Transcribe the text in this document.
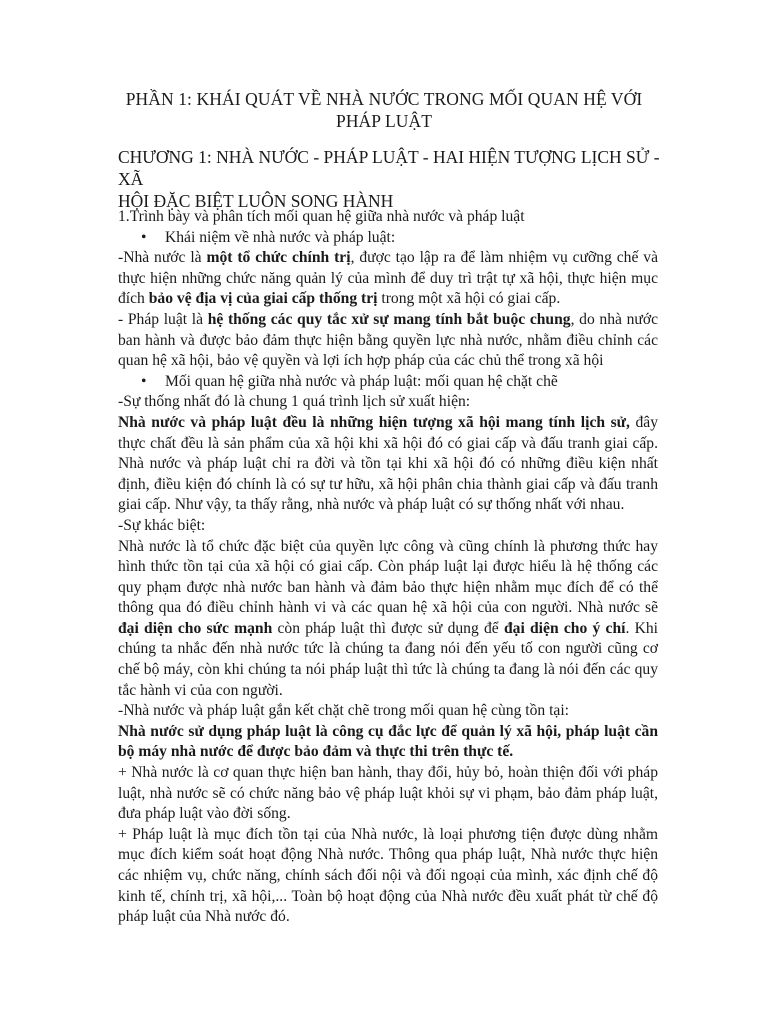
PHẦN 1: KHÁI QUÁT VỀ NHÀ NƯỚC TRONG MỐI QUAN HỆ VỚI
PHÁP LUẬT
CHƯƠNG 1: NHÀ NƯỚC - PHÁP LUẬT - HAI HIỆN TƯỢNG LỊCH SỬ - XÃ
HỘI ĐẶC BIỆT LUÔN SONG HÀNH

1.Trình bày và phân tích mối quan hệ giữa nhà nước và pháp luật

• Khái niệm về nhà nước và pháp luật:

-Nhà nước là một tổ chức chính trị, được tạo lập ra để làm nhiệm vụ cưỡng chế và thực hiện những chức năng quản lý của mình để duy trì trật tự xã hội, thực hiện mục đích bảo vệ địa vị của giai cấp thống trị trong một xã hội có giai cấp.

- Pháp luật là hệ thống các quy tắc xử sự mang tính bắt buộc chung, do nhà nước ban hành và được bảo đảm thực hiện bằng quyền lực nhà nước, nhằm điều chỉnh các quan hệ xã hội, bảo vệ quyền và lợi ích hợp pháp của các chủ thể trong xã hội

• Mối quan hệ giữa nhà nước và pháp luật: mối quan hệ chặt chẽ

-Sự thống nhất đó là chung 1 quá trình lịch sử xuất hiện:

Nhà nước và pháp luật đều là những hiện tượng xã hội mang tính lịch sử, đây thực chất đều là sản phẩm của xã hội khi xã hội đó có giai cấp và đấu tranh giai cấp. Nhà nước và pháp luật chỉ ra đời và tồn tại khi xã hội đó có những điều kiện nhất định, điều kiện đó chính là có sự tư hữu, xã hội phân chia thành giai cấp và đấu tranh giai cấp. Như vậy, ta thấy rằng, nhà nước và pháp luật có sự thống nhất với nhau.

-Sự khác biệt:

Nhà nước là tổ chức đặc biệt của quyền lực công và cũng chính là phương thức hay hình thức tồn tại của xã hội có giai cấp. Còn pháp luật lại được hiểu là hệ thống các quy phạm được nhà nước ban hành và đảm bảo thực hiện nhằm mục đích để có thể thông qua đó điều chỉnh hành vi và các quan hệ xã hội của con người. Nhà nước sẽ đại diện cho sức mạnh còn pháp luật thì được sử dụng để đại diện cho ý chí. Khi chúng ta nhắc đến nhà nước tức là chúng ta đang nói đến yếu tố con người cũng cơ chế bộ máy, còn khi chúng ta nói pháp luật thì tức là chúng ta đang là nói đến các quy tắc hành vi của con người.

-Nhà nước và pháp luật gắn kết chặt chẽ trong mối quan hệ cùng tồn tại:

Nhà nước sử dụng pháp luật là công cụ đắc lực để quản lý xã hội, pháp luật cần bộ máy nhà nước để được bảo đảm và thực thi trên thực tế.

+ Nhà nước là cơ quan thực hiện ban hành, thay đổi, hủy bỏ, hoàn thiện đối với pháp luật, nhà nước sẽ có chức năng bảo vệ pháp luật khỏi sự vi phạm, bảo đảm pháp luật, đưa pháp luật vào đời sống.

+ Pháp luật là mục đích tồn tại của Nhà nước, là loại phương tiện được dùng nhằm mục đích kiểm soát hoạt động Nhà nước. Thông qua pháp luật, Nhà nước thực hiện các nhiệm vụ, chức năng, chính sách đối nội và đối ngoại của mình, xác định chế độ kinh tế, chính trị, xã hội,... Toàn bộ hoạt động của Nhà nước đều xuất phát từ chế độ pháp luật của Nhà nước đó.
